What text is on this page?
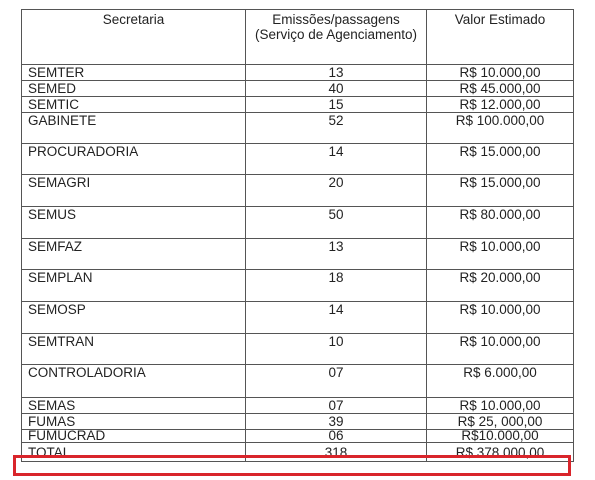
Secretaria	Emissões/passagens (Serviço de Agenciamento)	Valor Estimado
SEMTER	13	R$ 10.000,00
SEMED	40	R$ 45.000,00
SEMTIC	15	R$ 12.000,00
GABINETE	52	R$ 100.000,00
PROCURADORIA	14	R$ 15.000,00
SEMAGRI	20	R$ 15.000,00
SEMUS	50	R$ 80.000,00
SEMFAZ	13	R$ 10.000,00
SEMPLAN	18	R$ 20.000,00
SEMOSP	14	R$ 10.000,00
SEMTRAN	10	R$ 10.000,00
CONTROLADORIA	07	R$ 6.000,00
SEMAS	07	R$ 10.000,00
FUMAS	39	R$ 25, 000,00
FUMUCRAD	06	R$10.000,00
TOTAL	318	R$ 378.000,00
